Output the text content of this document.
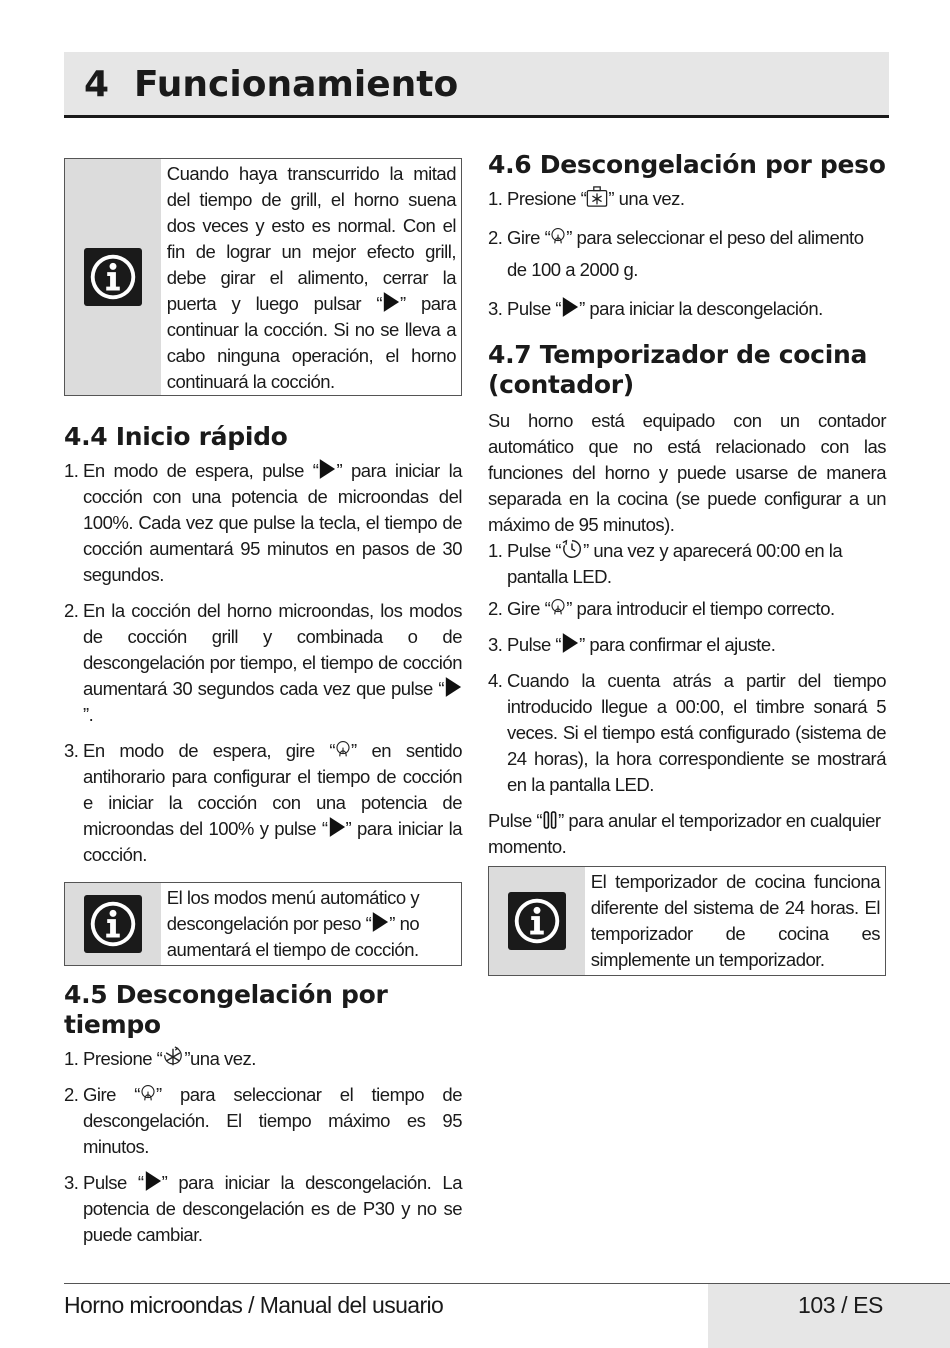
4 Funcionamiento
Cuando haya transcurrido la mitad del tiempo de grill, el horno suena dos veces y esto es normal. Con el fin de lograr un mejor efecto grill, debe girar el alimento, cerrar la puerta y luego pulsar “ ” para continuar la cocción. Si no se lleva a cabo ninguna operación, el horno continuará la cocción.
4.4 Inicio rápido
1. En modo de espera, pulse “ ” para iniciar la cocción con una potencia de microondas del 100%. Cada vez que pulse la tecla, el tiempo de cocción aumentará 95 minutos en pasos de 30 segundos.
2. En la cocción del horno microondas, los modos de cocción grill y combinada o de descongelación por tiempo, el tiempo de cocción aumentará 30 segundos cada vez que pulse “”.
3. En modo de espera, gire “ ” en sentido antihorario para configurar el tiempo de cocción e iniciar la cocción con una potencia de microondas del 100% y pulse “ ” para iniciar la cocción.
El los modos menú automático y descongelación por peso “ ” no aumentará el tiempo de cocción.
4.5 Descongelación por tiempo
1. Presione “ ”una vez.
2. Gire “ ” para seleccionar el tiempo de descongelación. El tiempo máximo es 95 minutos.
3. Pulse “ ” para iniciar la descongelación. La potencia de descongelación es de P30 y no se puede cambiar.
4.6 Descongelación por peso
1. Presione “ ” una vez.
2. Gire “ ” para seleccionar el peso del alimento de 100 a 2000 g.
3. Pulse “ ” para iniciar la descongelación.
4.7 Temporizador de cocina (contador)
Su horno está equipado con un contador automático que no está relacionado con las funciones del horno y puede usarse de manera separada en la cocina (se puede configurar a un máximo de 95 minutos).
1. Pulse “ ” una vez y aparecerá 00:00 en la pantalla LED.
2. Gire “ ” para introducir el tiempo correcto.
3. Pulse “ ” para confirmar el ajuste.
4. Cuando la cuenta atrás a partir del tiempo introducido llegue a 00:00, el timbre sonará 5 veces. Si el tiempo está configurado (sistema de 24 horas), la hora correspondiente se mostrará en la pantalla LED.
Pulse “ ” para anular el temporizador en cualquier momento.
El temporizador de cocina funciona diferente del sistema de 24 horas. El temporizador de cocina es simplemente un temporizador.
Horno microondas / Manual del usuario	103 / ES
